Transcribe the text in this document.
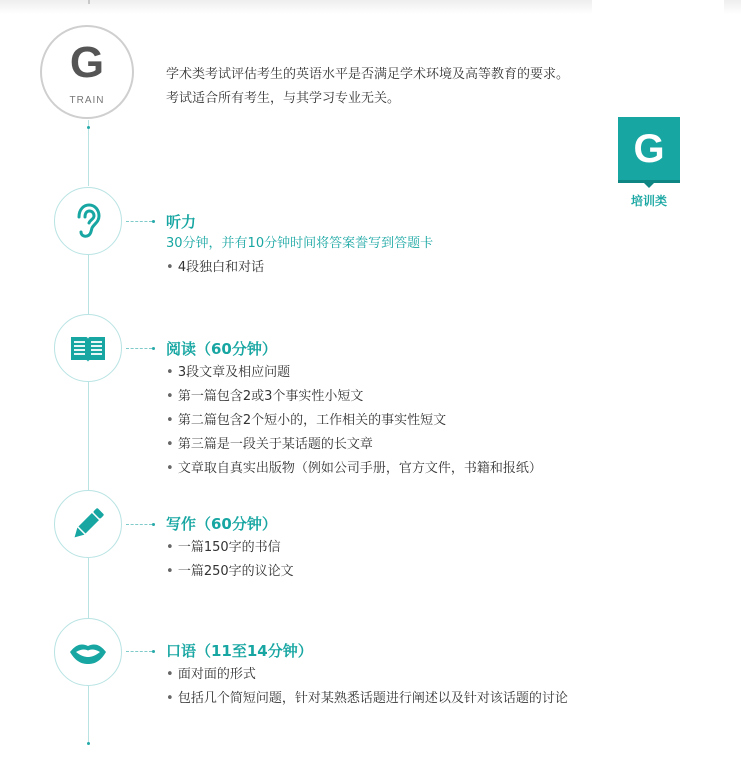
G
TRAIN

学术类考试评估考生的英语水平是否满足学术环境及高等教育的要求。

考试适合所有考生，与其学习专业无关。

G
培训类
听力
30分钟，并有10分钟时间将答案誊写到答题卡
• 4段独白和对话
阅读（60分钟）
• 3段文章及相应问题
• 第一篇包含2或3个事实性小短文
• 第二篇包含2个短小的，工作相关的事实性短文
• 第三篇是一段关于某话题的长文章
• 文章取自真实出版物（例如公司手册，官方文件，书籍和报纸）
写作（60分钟）
• 一篇150字的书信
• 一篇250字的议论文
口语（11至14分钟）
• 面对面的形式
• 包括几个简短问题，针对某熟悉话题进行阐述以及针对该话题的讨论
